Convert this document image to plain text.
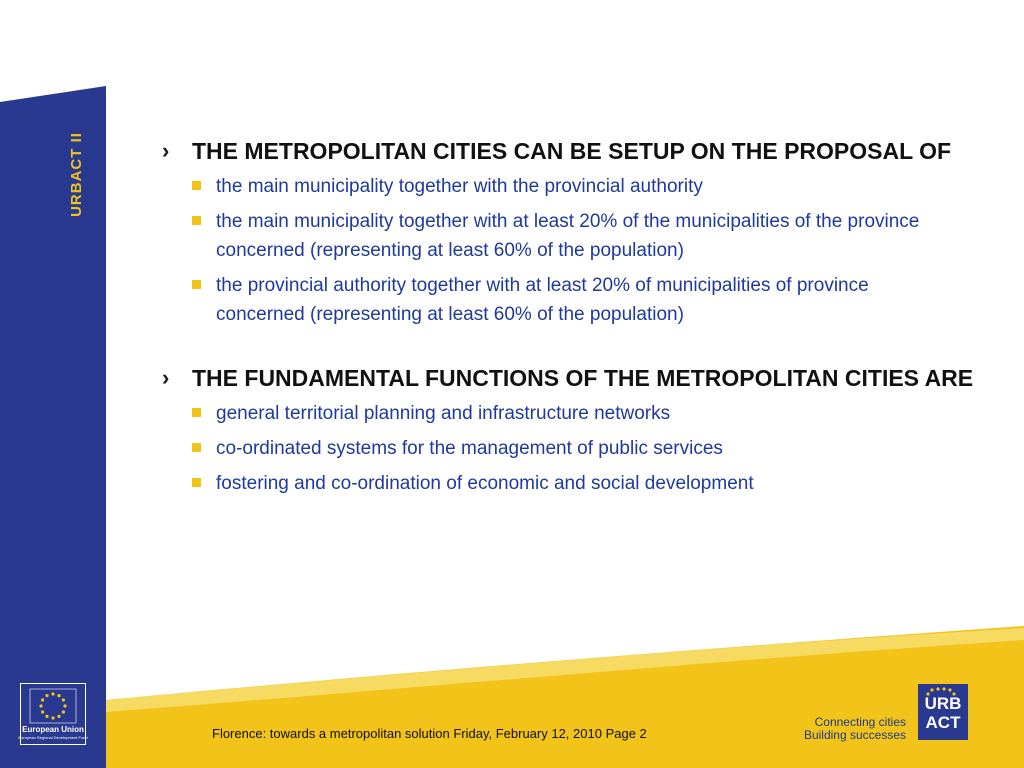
URBACT II	› THE METROPOLITAN CITIES CAN BE SETUP ON THE PROPOSAL OF
the main municipality together with the provincial authority
the main municipality together with at least 20% of the municipalities of the province concerned (representing at least 60% of the population)
the provincial authority together with at least 20% of municipalities of province concerned (representing at least 60% of the population)
› THE FUNDAMENTAL FUNCTIONS OF THE METROPOLITAN CITIES ARE
general territorial planning and infrastructure networks
co-ordinated systems for the management of public services
fostering and co-ordination of economic and social development
European Union
European Regional Development Fund
Connecting cities
Building successes
URB
ACT
Florence: towards a metropolitan solution Friday, February 12, 2010 Page 2
